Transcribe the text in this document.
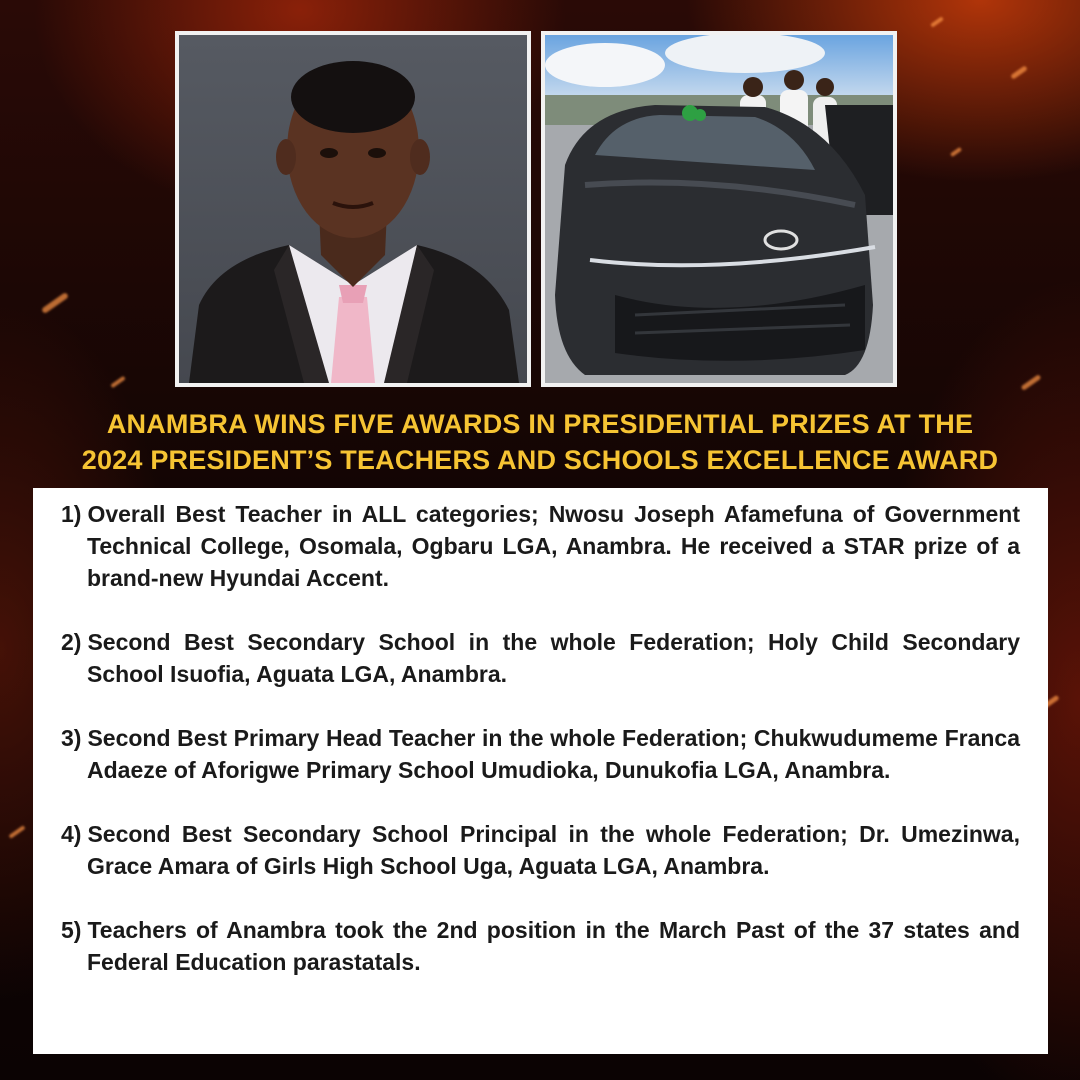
ANAMBRA WINS FIVE AWARDS IN PRESIDENTIAL PRIZES AT THE
2024 PRESIDENT’S TEACHERS AND SCHOOLS EXCELLENCE AWARD

1) Overall Best Teacher in ALL categories; Nwosu Joseph Afamefuna of Government Technical College, Osomala, Ogbaru LGA, Anambra. He received a STAR prize of a brand-new Hyundai Accent.

2) Second Best Secondary School in the whole Federation; Holy Child Secondary School Isuofia, Aguata LGA, Anambra.

3) Second Best Primary Head Teacher in the whole Federation; Chukwudumeme Franca Adaeze of Aforigwe Primary School Umudioka, Dunukofia LGA, Anambra.

4) Second Best Secondary School Principal in the whole Federation; Dr. Umezinwa, Grace Amara of Girls High School Uga, Aguata LGA, Anambra.

5) Teachers of Anambra took the 2nd position in the March Past of the 37 states and Federal Education parastatals.
